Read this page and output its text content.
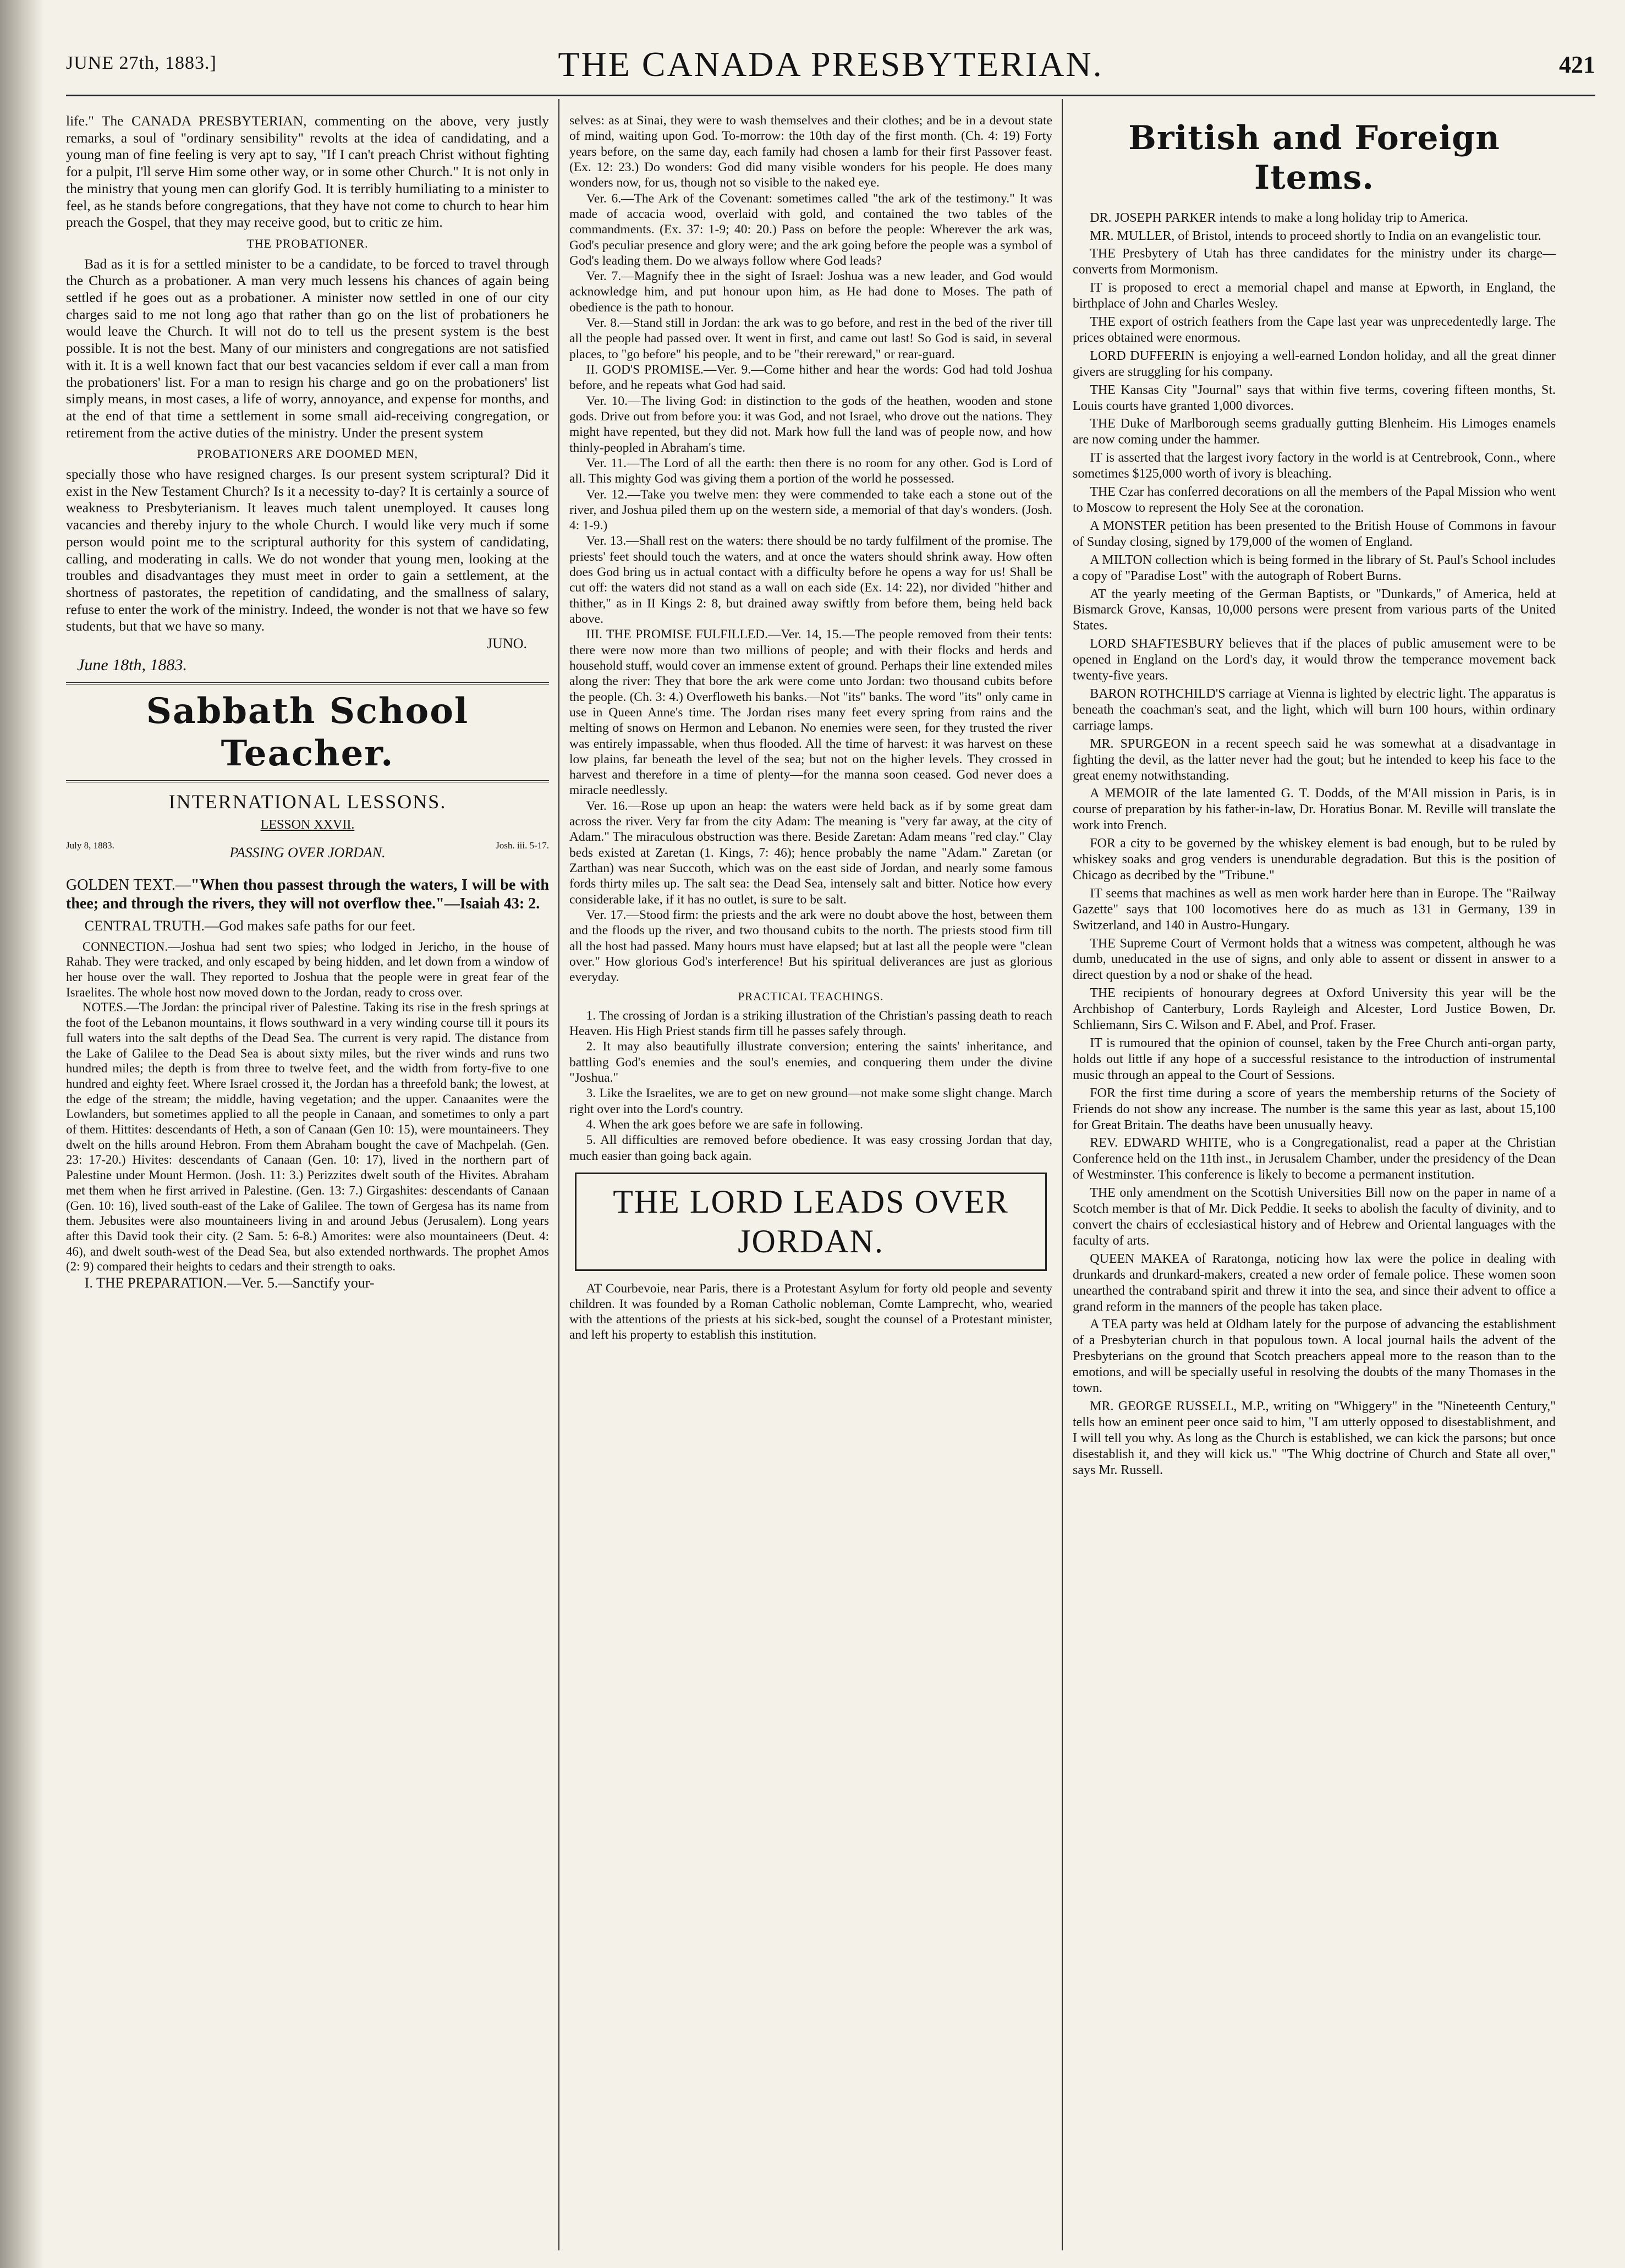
JUNE 27th, 1883.]	THE CANADA PRESBYTERIAN.	421

life." The CANADA PRESBYTERIAN, commenting on the above, very justly remarks, a soul of "ordinary sensibility" revolts at the idea of candidating, and a young man of fine feeling is very apt to say, "If I can't preach Christ without fighting for a pulpit, I'll serve Him some other way, or in some other Church." It is not only in the ministry that young men can glorify God. It is terribly humiliating to a minister to feel, as he stands before congregations, that they have not come to church to hear him preach the Gospel, that they may receive good, but to critic ze him.

THE PROBATIONER.

Bad as it is for a settled minister to be a candidate, to be forced to travel through the Church as a probationer. A man very much lessens his chances of again being settled if he goes out as a probationer. A minister now settled in one of our city charges said to me not long ago that rather than go on the list of probationers he would leave the Church. It will not do to tell us the present system is the best possible. It is not the best. Many of our ministers and congregations are not satisfied with it. It is a well known fact that our best vacancies seldom if ever call a man from the probationers' list. For a man to resign his charge and go on the probationers' list simply means, in most cases, a life of worry, annoyance, and expense for months, and at the end of that time a settlement in some small aid-receiving congregation, or retirement from the active duties of the ministry. Under the present system

PROBATIONERS ARE DOOMED MEN,

specially those who have resigned charges. Is our present system scriptural? Did it exist in the New Testament Church? Is it a necessity to-day? It is certainly a source of weakness to Presbyterianism. It leaves much talent unemployed. It causes long vacancies and thereby injury to the whole Church. I would like very much if some person would point me to the scriptural authority for this system of candidating, calling, and moderating in calls. We do not wonder that young men, looking at the troubles and disadvantages they must meet in order to gain a settlement, at the shortness of pastorates, the repetition of candidating, and the smallness of salary, refuse to enter the work of the ministry. Indeed, the wonder is not that we have so few students, but that we have so many.

JUNO.
June 18th, 1883.
Sabbath School Teacher.
INTERNATIONAL LESSONS.
LESSON XXVII.
July 8, 1883.	PASSING OVER JORDAN.	Josh. iii. 5-17.

GOLDEN TEXT.—"When thou passest through the waters, I will be with thee; and through the rivers, they will not overflow thee."—Isaiah 43: 2.

CENTRAL TRUTH.—God makes safe paths for our feet.

CONNECTION.—Joshua had sent two spies; who lodged in Jericho, in the house of Rahab. They were tracked, and only escaped by being hidden, and let down from a window of her house over the wall. They reported to Joshua that the people were in great fear of the Israelites. The whole host now moved down to the Jordan, ready to cross over.

NOTES.—The Jordan: the principal river of Palestine. Taking its rise in the fresh springs at the foot of the Lebanon mountains, it flows southward in a very winding course till it pours its full waters into the salt depths of the Dead Sea. The current is very rapid. The distance from the Lake of Galilee to the Dead Sea is about sixty miles, but the river winds and runs two hundred miles; the depth is from three to twelve feet, and the width from forty-five to one hundred and eighty feet. Where Israel crossed it, the Jordan has a threefold bank; the lowest, at the edge of the stream; the middle, having vegetation; and the upper. Canaanites were the Lowlanders, but sometimes applied to all the people in Canaan, and sometimes to only a part of them. Hittites: descendants of Heth, a son of Canaan (Gen 10: 15), were mountaineers. They dwelt on the hills around Hebron. From them Abraham bought the cave of Machpelah. (Gen. 23: 17-20.) Hivites: descendants of Canaan (Gen. 10: 17), lived in the northern part of Palestine under Mount Hermon. (Josh. 11: 3.) Perizzites dwelt south of the Hivites. Abraham met them when he first arrived in Palestine. (Gen. 13: 7.) Girgashites: descendants of Canaan (Gen. 10: 16), lived south-east of the Lake of Galilee. The town of Gergesa has its name from them. Jebusites were also mountaineers living in and around Jebus (Jerusalem). Long years after this David took their city. (2 Sam. 5: 6-8.) Amorites: were also mountaineers (Deut. 4: 46), and dwelt south-west of the Dead Sea, but also extended northwards. The prophet Amos (2: 9) compared their heights to cedars and their strength to oaks.

I. THE PREPARATION.—Ver. 5.—Sanctify your-

selves: as at Sinai, they were to wash themselves and their clothes; and be in a devout state of mind, waiting upon God. To-morrow: the 10th day of the first month. (Ch. 4: 19) Forty years before, on the same day, each family had chosen a lamb for their first Passover feast. (Ex. 12: 23.) Do wonders: God did many visible wonders for his people. He does many wonders now, for us, though not so visible to the naked eye.

Ver. 6.—The Ark of the Covenant: sometimes called "the ark of the testimony." It was made of accacia wood, overlaid with gold, and contained the two tables of the commandments. (Ex. 37: 1-9; 40: 20.) Pass on before the people: Wherever the ark was, God's peculiar presence and glory were; and the ark going before the people was a symbol of God's leading them. Do we always follow where God leads?

Ver. 7.—Magnify thee in the sight of Israel: Joshua was a new leader, and God would acknowledge him, and put honour upon him, as He had done to Moses. The path of obedience is the path to honour.

Ver. 8.—Stand still in Jordan: the ark was to go before, and rest in the bed of the river till all the people had passed over. It went in first, and came out last! So God is said, in several places, to "go before" his people, and to be "their rereward," or rear-guard.

II. GOD'S PROMISE.—Ver. 9.—Come hither and hear the words: God had told Joshua before, and he repeats what God had said.

Ver. 10.—The living God: in distinction to the gods of the heathen, wooden and stone gods. Drive out from before you: it was God, and not Israel, who drove out the nations. They might have repented, but they did not. Mark how full the land was of people now, and how thinly-peopled in Abraham's time.

Ver. 11.—The Lord of all the earth: then there is no room for any other. God is Lord of all. This mighty God was giving them a portion of the world he possessed.

Ver. 12.—Take you twelve men: they were commended to take each a stone out of the river, and Joshua piled them up on the western side, a memorial of that day's wonders. (Josh. 4: 1-9.)

Ver. 13.—Shall rest on the waters: there should be no tardy fulfilment of the promise. The priests' feet should touch the waters, and at once the waters should shrink away. How often does God bring us in actual contact with a difficulty before he opens a way for us! Shall be cut off: the waters did not stand as a wall on each side (Ex. 14: 22), nor divided "hither and thither," as in II Kings 2: 8, but drained away swiftly from before them, being held back above.

III. THE PROMISE FULFILLED.—Ver. 14, 15.—The people removed from their tents: there were now more than two millions of people; and with their flocks and herds and household stuff, would cover an immense extent of ground. Perhaps their line extended miles along the river: They that bore the ark were come unto Jordan: two thousand cubits before the people. (Ch. 3: 4.) Overfloweth his banks.—Not "its" banks. The word "its" only came in use in Queen Anne's time. The Jordan rises many feet every spring from rains and the melting of snows on Hermon and Lebanon. No enemies were seen, for they trusted the river was entirely impassable, when thus flooded. All the time of harvest: it was harvest on these low plains, far beneath the level of the sea; but not on the higher levels. They crossed in harvest and therefore in a time of plenty—for the manna soon ceased. God never does a miracle needlessly.

Ver. 16.—Rose up upon an heap: the waters were held back as if by some great dam across the river. Very far from the city Adam: The meaning is "very far away, at the city of Adam." The miraculous obstruction was there. Beside Zaretan: Adam means "red clay." Clay beds existed at Zaretan (1. Kings, 7: 46); hence probably the name "Adam." Zaretan (or Zarthan) was near Succoth, which was on the east side of Jordan, and nearly some famous fords thirty miles up. The salt sea: the Dead Sea, intensely salt and bitter. Notice how every considerable lake, if it has no outlet, is sure to be salt.

Ver. 17.—Stood firm: the priests and the ark were no doubt above the host, between them and the floods up the river, and two thousand cubits to the north. The priests stood firm till all the host had passed. Many hours must have elapsed; but at last all the people were "clean over." How glorious God's interference! But his spiritual deliverances are just as glorious everyday.

PRACTICAL TEACHINGS.

1. The crossing of Jordan is a striking illustration of the Christian's passing death to reach Heaven. His High Priest stands firm till he passes safely through.

2. It may also beautifully illustrate conversion; entering the saints' inheritance, and battling God's enemies and the soul's enemies, and conquering them under the divine "Joshua."

3. Like the Israelites, we are to get on new ground—not make some slight change. March right over into the Lord's country.

4. When the ark goes before we are safe in following.

5. All difficulties are removed before obedience. It was easy crossing Jordan that day, much easier than going back again.

THE LORD LEADS OVER JORDAN.

AT Courbevoie, near Paris, there is a Protestant Asylum for forty old people and seventy children. It was founded by a Roman Catholic nobleman, Comte Lamprecht, who, wearied with the attentions of the priests at his sick-bed, sought the counsel of a Protestant minister, and left his property to establish this institution.

British and Foreign Items.

DR. JOSEPH PARKER intends to make a long holiday trip to America.

MR. MULLER, of Bristol, intends to proceed shortly to India on an evangelistic tour.

THE Presbytery of Utah has three candidates for the ministry under its charge—converts from Mormonism.

IT is proposed to erect a memorial chapel and manse at Epworth, in England, the birthplace of John and Charles Wesley.

THE export of ostrich feathers from the Cape last year was unprecedentedly large. The prices obtained were enormous.

LORD DUFFERIN is enjoying a well-earned London holiday, and all the great dinner givers are struggling for his company.

THE Kansas City "Journal" says that within five terms, covering fifteen months, St. Louis courts have granted 1,000 divorces.

THE Duke of Marlborough seems gradually gutting Blenheim. His Limoges enamels are now coming under the hammer.

IT is asserted that the largest ivory factory in the world is at Centrebrook, Conn., where sometimes $125,000 worth of ivory is bleaching.

THE Czar has conferred decorations on all the members of the Papal Mission who went to Moscow to represent the Holy See at the coronation.

A MONSTER petition has been presented to the British House of Commons in favour of Sunday closing, signed by 179,000 of the women of England.

A MILTON collection which is being formed in the library of St. Paul's School includes a copy of "Paradise Lost" with the autograph of Robert Burns.

AT the yearly meeting of the German Baptists, or "Dunkards," of America, held at Bismarck Grove, Kansas, 10,000 persons were present from various parts of the United States.

LORD SHAFTESBURY believes that if the places of public amusement were to be opened in England on the Lord's day, it would throw the temperance movement back twenty-five years.

BARON ROTHCHILD'S carriage at Vienna is lighted by electric light. The apparatus is beneath the coachman's seat, and the light, which will burn 100 hours, within ordinary carriage lamps.

MR. SPURGEON in a recent speech said he was somewhat at a disadvantage in fighting the devil, as the latter never had the gout; but he intended to keep his face to the great enemy notwithstanding.

A MEMOIR of the late lamented G. T. Dodds, of the M'All mission in Paris, is in course of preparation by his father-in-law, Dr. Horatius Bonar. M. Reville will translate the work into French.

FOR a city to be governed by the whiskey element is bad enough, but to be ruled by whiskey soaks and grog venders is unendurable degradation. But this is the position of Chicago as decribed by the "Tribune."

IT seems that machines as well as men work harder here than in Europe. The "Railway Gazette" says that 100 locomotives here do as much as 131 in Germany, 139 in Switzerland, and 140 in Austro-Hungary.

THE Supreme Court of Vermont holds that a witness was competent, although he was dumb, uneducated in the use of signs, and only able to assent or dissent in answer to a direct question by a nod or shake of the head.

THE recipients of honourary degrees at Oxford University this year will be the Archbishop of Canterbury, Lords Rayleigh and Alcester, Lord Justice Bowen, Dr. Schliemann, Sirs C. Wilson and F. Abel, and Prof. Fraser.

IT is rumoured that the opinion of counsel, taken by the Free Church anti-organ party, holds out little if any hope of a successful resistance to the introduction of instrumental music through an appeal to the Court of Sessions.

FOR the first time during a score of years the membership returns of the Society of Friends do not show any increase. The number is the same this year as last, about 15,100 for Great Britain. The deaths have been unusually heavy.

REV. EDWARD WHITE, who is a Congregationalist, read a paper at the Christian Conference held on the 11th inst., in Jerusalem Chamber, under the presidency of the Dean of Westminster. This conference is likely to become a permanent institution.

THE only amendment on the Scottish Universities Bill now on the paper in name of a Scotch member is that of Mr. Dick Peddie. It seeks to abolish the faculty of divinity, and to convert the chairs of ecclesiastical history and of Hebrew and Oriental languages with the faculty of arts.

QUEEN MAKEA of Raratonga, noticing how lax were the police in dealing with drunkards and drunkard-makers, created a new order of female police. These women soon unearthed the contraband spirit and threw it into the sea, and since their advent to office a grand reform in the manners of the people has taken place.

A TEA party was held at Oldham lately for the purpose of advancing the establishment of a Presbyterian church in that populous town. A local journal hails the advent of the Presbyterians on the ground that Scotch preachers appeal more to the reason than to the emotions, and will be specially useful in resolving the doubts of the many Thomases in the town.

MR. GEORGE RUSSELL, M.P., writing on "Whiggery" in the "Nineteenth Century," tells how an eminent peer once said to him, "I am utterly opposed to disestablishment, and I will tell you why. As long as the Church is established, we can kick the parsons; but once disestablish it, and they will kick us." "The Whig doctrine of Church and State all over," says Mr. Russell.
